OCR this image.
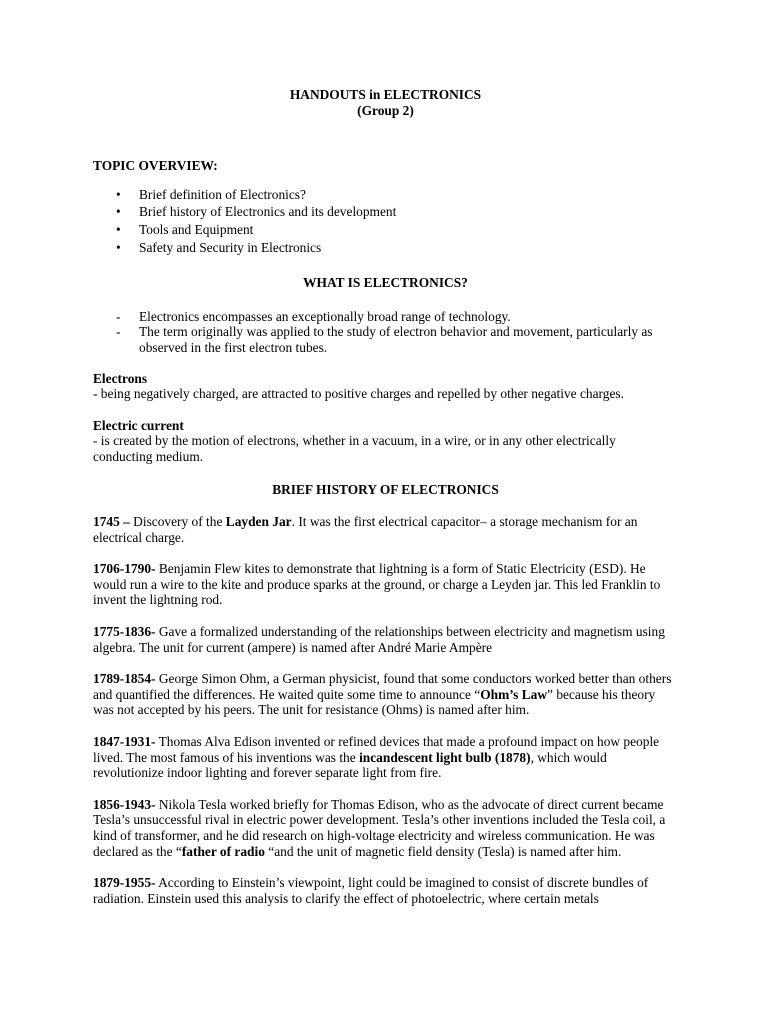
HANDOUTS in ELECTRONICS

(Group 2)

TOPIC OVERVIEW:

• Brief definition of Electronics?
• Brief history of Electronics and its development
• Tools and Equipment
• Safety and Security in Electronics

WHAT IS ELECTRONICS?

- Electronics encompasses an exceptionally broad range of technology.
- The term originally was applied to the study of electron behavior and movement, particularly as observed in the first electron tubes.

Electrons

- being negatively charged, are attracted to positive charges and repelled by other negative charges.

Electric current

- is created by the motion of electrons, whether in a vacuum, in a wire, or in any other electrically conducting medium.

BRIEF HISTORY OF ELECTRONICS

1745 – Discovery of the Layden Jar. It was the first electrical capacitor– a storage mechanism for an electrical charge.

1706-1790- Benjamin Flew kites to demonstrate that lightning is a form of Static Electricity (ESD). He would run a wire to the kite and produce sparks at the ground, or charge a Leyden jar. This led Franklin to invent the lightning rod.

1775-1836- Gave a formalized understanding of the relationships between electricity and magnetism using algebra. The unit for current (ampere) is named after André Marie Ampère

1789-1854- George Simon Ohm, a German physicist, found that some conductors worked better than others and quantified the differences. He waited quite some time to announce “Ohm’s Law” because his theory was not accepted by his peers. The unit for resistance (Ohms) is named after him.

1847-1931- Thomas Alva Edison invented or refined devices that made a profound impact on how people lived. The most famous of his inventions was the incandescent light bulb (1878), which would revolutionize indoor lighting and forever separate light from fire.

1856-1943- Nikola Tesla worked briefly for Thomas Edison, who as the advocate of direct current became Tesla’s unsuccessful rival in electric power development. Tesla’s other inventions included the Tesla coil, a kind of transformer, and he did research on high-voltage electricity and wireless communication. He was declared as the “father of radio “and the unit of magnetic field density (Tesla) is named after him.

1879-1955- According to Einstein’s viewpoint, light could be imagined to consist of discrete bundles of radiation. Einstein used this analysis to clarify the effect of photoelectric, where certain metals
